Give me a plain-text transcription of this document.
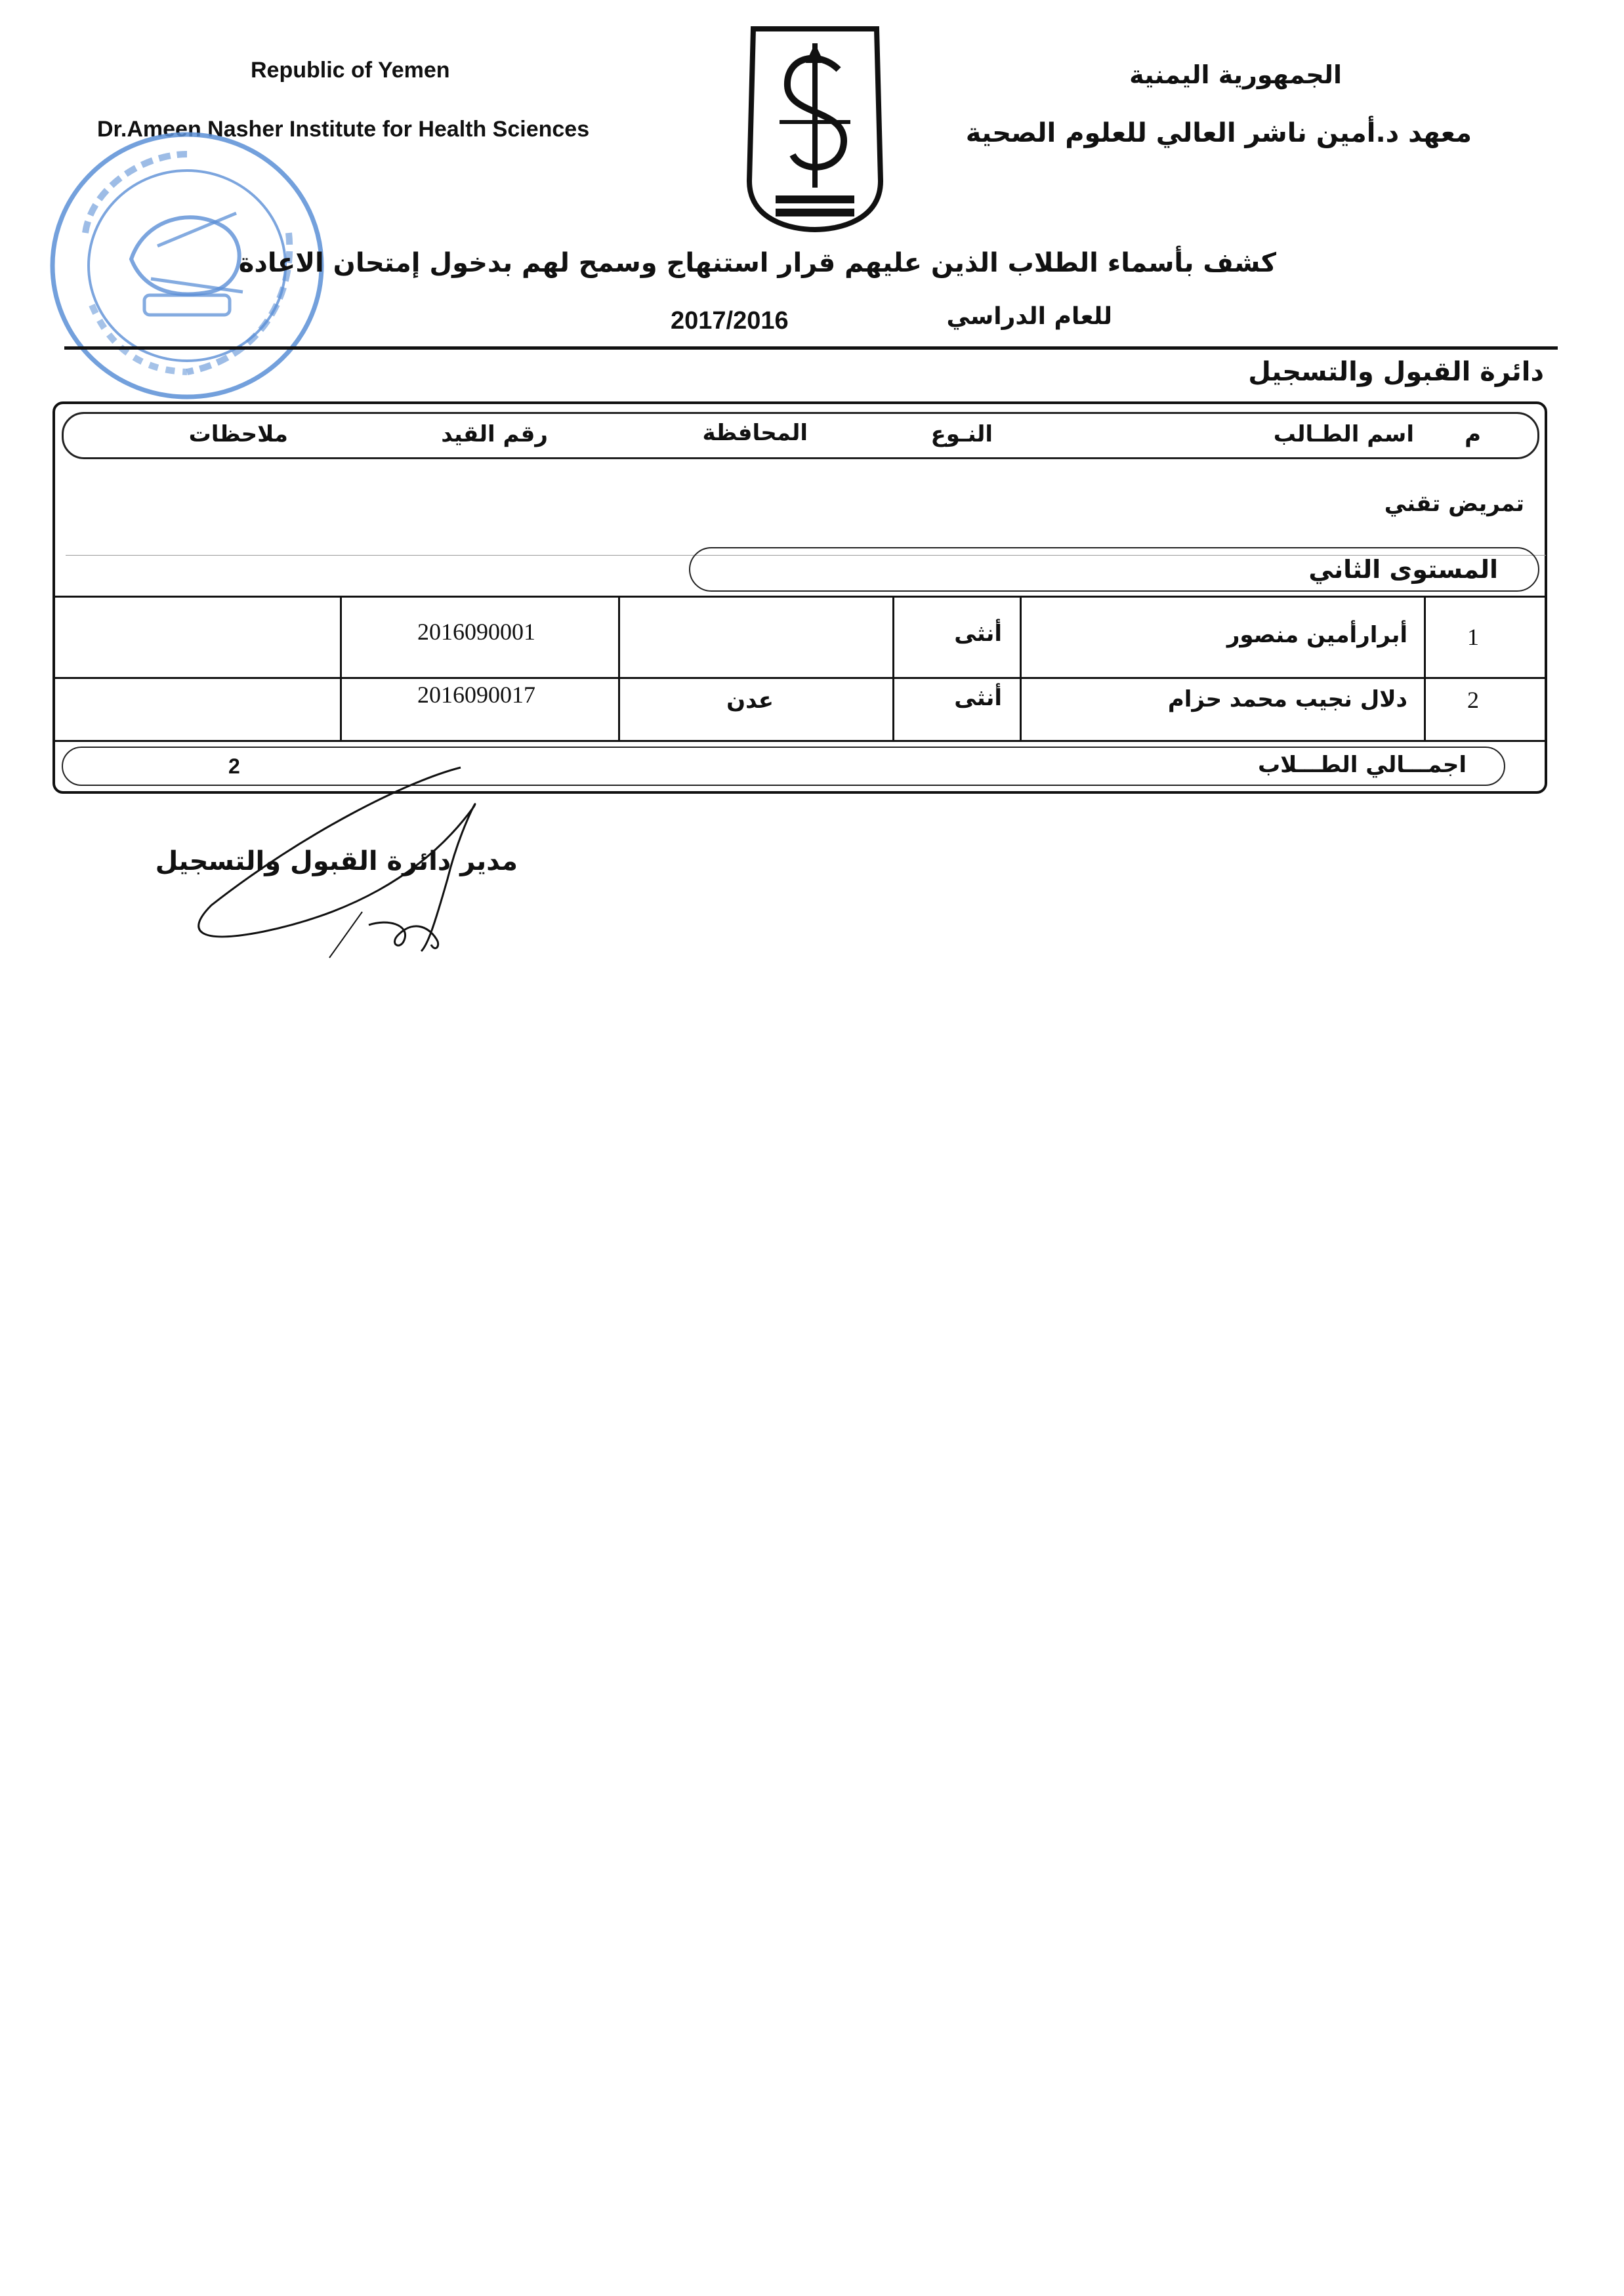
Republic of Yemen
Dr.Ameen Nasher Institute for Health Sciences
الجمهورية اليمنية
معهد د.أمين ناشر العالي للعلوم الصحية
كشف بأسماء الطلاب الذين عليهم قرار استنهاج وسمح لهم بدخول إمتحان الاعادة
للعام الدراسي
2017/2016
دائرة القبول والتسجيل
م
اسم الطـالب
النـوع
المحافظة
رقم القيد
ملاحظات
تمريض تقني
المستوى الثاني
1
أبرارأمين منصور
أنثى
2016090001
2
دلال نجيب محمد حزام
أنثى
عدن
2016090017
اجمـــالي الطـــلاب
2
مدير دائرة القبول والتسجيل
